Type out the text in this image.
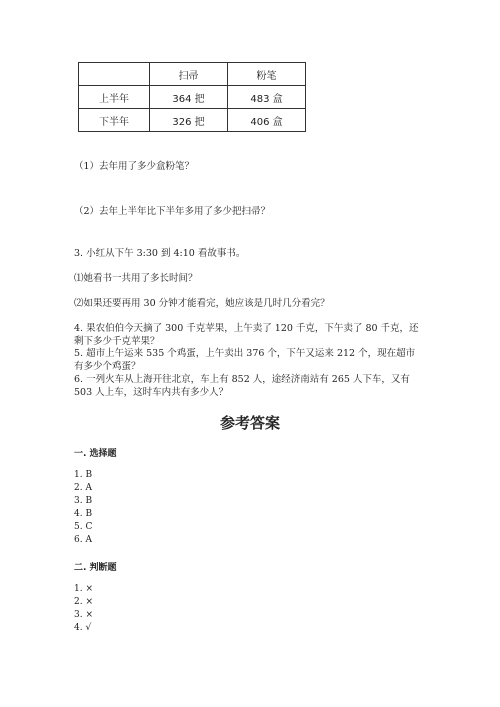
	扫帚	粉笔
上半年	364 把	483 盒
下半年	326 把	406 盒
（1）去年用了多少盒粉笔？
（2）去年上半年比下半年多用了多少把扫帚？
3. 小红从下午 3:30 到 4:10 看故事书。
⑴她看书一共用了多长时间？
⑵如果还要再用 30 分钟才能看完，她应该是几时几分看完？
4. 果农伯伯今天摘了 300 千克苹果，上午卖了 120 千克，下午卖了 80 千克，还
剩下多少千克苹果？
5. 超市上午运来 535 个鸡蛋，上午卖出 376 个，下午又运来 212 个，现在超市
有多少个鸡蛋？
6. 一列火车从上海开往北京，车上有 852 人，途经济南站有 265 人下车，又有
503 人上车，这时车内共有多少人？
参考答案
一. 选择题
1. B
2. A
3. B
4. B
5. C
6. A
二. 判断题
1. ×
2. ×
3. ×
4. √
